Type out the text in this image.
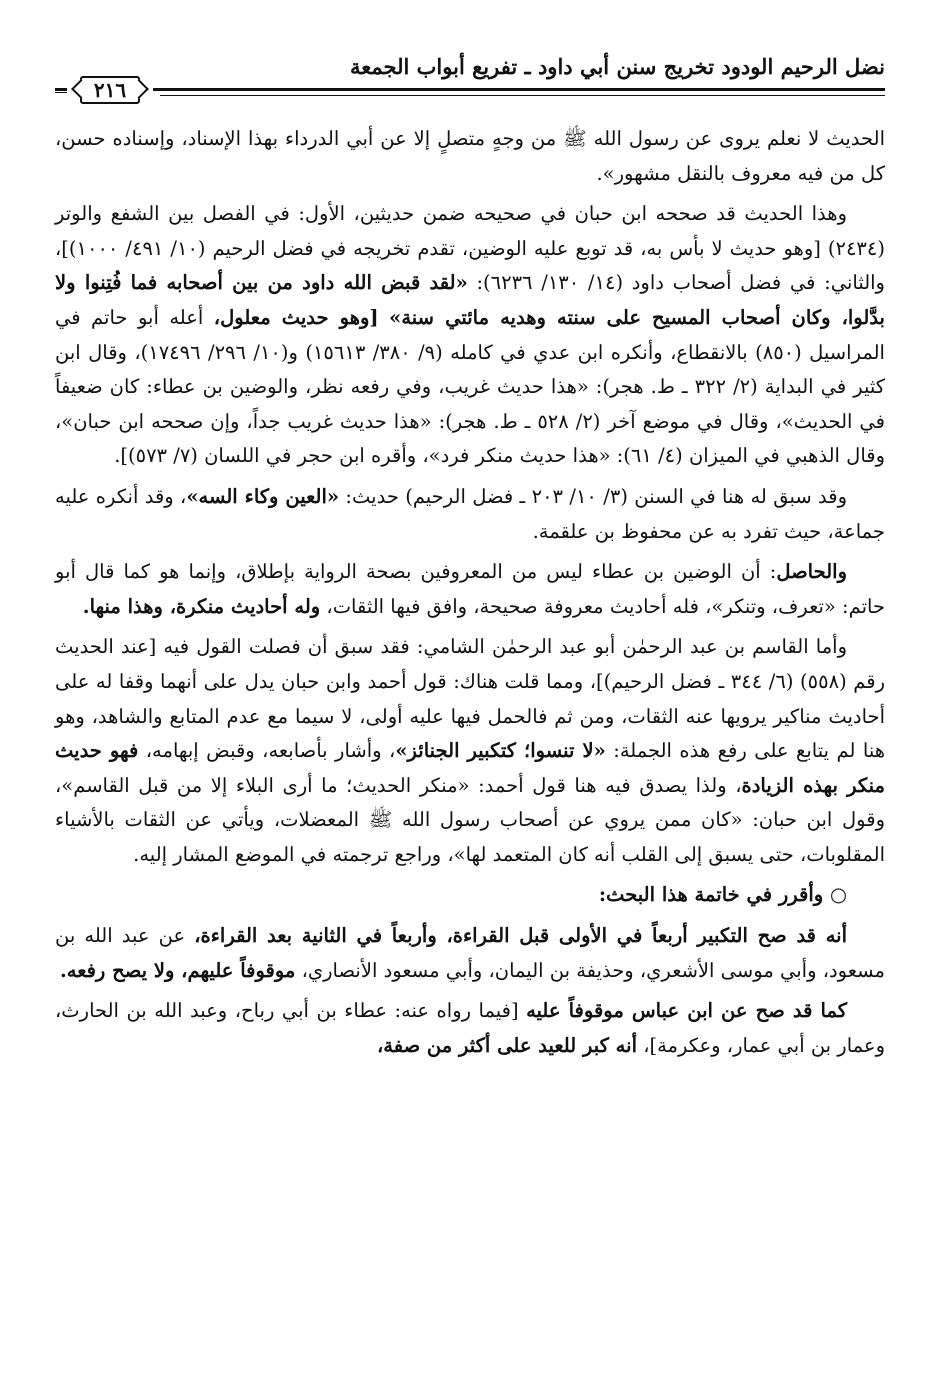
نضل الرحيم الودود تخريج سنن أبي داود ـ تفريع أبواب الجمعة
٢١٦

الحديث لا نعلم يروى عن رسول الله ﷺ من وجهٍ متصلٍ إلا عن أبي الدرداء بهذا الإسناد، وإسناده حسن، كل من فيه معروف بالنقل مشهور».

وهذا الحديث قد صححه ابن حبان في صحيحه ضمن حديثين، الأول: في الفصل بين الشفع والوتر (٢٤٣٤) [وهو حديث لا بأس به، قد توبع عليه الوضين، تقدم تخريجه في فضل الرحيم (١٠/ ٤٩١/ ١٠٠٠)]، والثاني: في فضل أصحاب داود (١٤/ ١٣٠/ ٦٢٣٦): «لقد قبض الله داود من بين أصحابه فما فُتِنوا ولا بدَّلوا، وكان أصحاب المسيح على سنته وهديه مائتي سنة» [وهو حديث معلول، أعله أبو حاتم في المراسيل (٨٥٠) بالانقطاع، وأنكره ابن عدي في كامله (٩/ ٣٨٠/ ١٥٦١٣) و(١٠/ ٢٩٦/ ١٧٤٩٦)، وقال ابن كثير في البداية (٢/ ٣٢٢ ـ ط. هجر): «هذا حديث غريب، وفي رفعه نظر، والوضين بن عطاء: كان ضعيفاً في الحديث»، وقال في موضع آخر (٢/ ٥٢٨ ـ ط. هجر): «هذا حديث غريب جداً، وإن صححه ابن حبان»، وقال الذهبي في الميزان (٤/ ٦١): «هذا حديث منكر فرد»، وأقره ابن حجر في اللسان (٧/ ٥٧٣)].

وقد سبق له هنا في السنن (٣/ ١٠/ ٢٠٣ ـ فضل الرحيم) حديث: «العين وكاء السه»، وقد أنكره عليه جماعة، حيث تفرد به عن محفوظ بن علقمة.

والحاصل: أن الوضين بن عطاء ليس من المعروفين بصحة الرواية بإطلاق، وإنما هو كما قال أبو حاتم: «تعرف، وتنكر»، فله أحاديث معروفة صحيحة، وافق فيها الثقات، وله أحاديث منكرة، وهذا منها.

وأما القاسم بن عبد الرحمٰن أبو عبد الرحمٰن الشامي: فقد سبق أن فصلت القول فيه [عند الحديث رقم (٥٥٨) (٦/ ٣٤٤ ـ فضل الرحيم)]، ومما قلت هناك: قول أحمد وابن حبان يدل على أنهما وقفا له على أحاديث مناكير يرويها عنه الثقات، ومن ثم فالحمل فيها عليه أولى، لا سيما مع عدم المتابع والشاهد، وهو هنا لم يتابع على رفع هذه الجملة: «لا تنسوا؛ كتكبير الجنائز»، وأشار بأصابعه، وقبض إبهامه، فهو حديث منكر بهذه الزيادة، ولذا يصدق فيه هنا قول أحمد: «منكر الحديث؛ ما أرى البلاء إلا من قبل القاسم»، وقول ابن حبان: «كان ممن يروي عن أصحاب رسول الله ﷺ المعضلات، ويأتي عن الثقات بالأشياء المقلوبات، حتى يسبق إلى القلب أنه كان المتعمد لها»، وراجع ترجمته في الموضع المشار إليه.

○ وأقرر في خاتمة هذا البحث:

أنه قد صح التكبير أربعاً في الأولى قبل القراءة، وأربعاً في الثانية بعد القراءة، عن عبد الله بن مسعود، وأبي موسى الأشعري، وحذيفة بن اليمان، وأبي مسعود الأنصاري، موقوفاً عليهم، ولا يصح رفعه.

كما قد صح عن ابن عباس موقوفاً عليه [فيما رواه عنه: عطاء بن أبي رباح، وعبد الله بن الحارث، وعمار بن أبي عمار، وعكرمة]، أنه كبر للعيد على أكثر من صفة،
